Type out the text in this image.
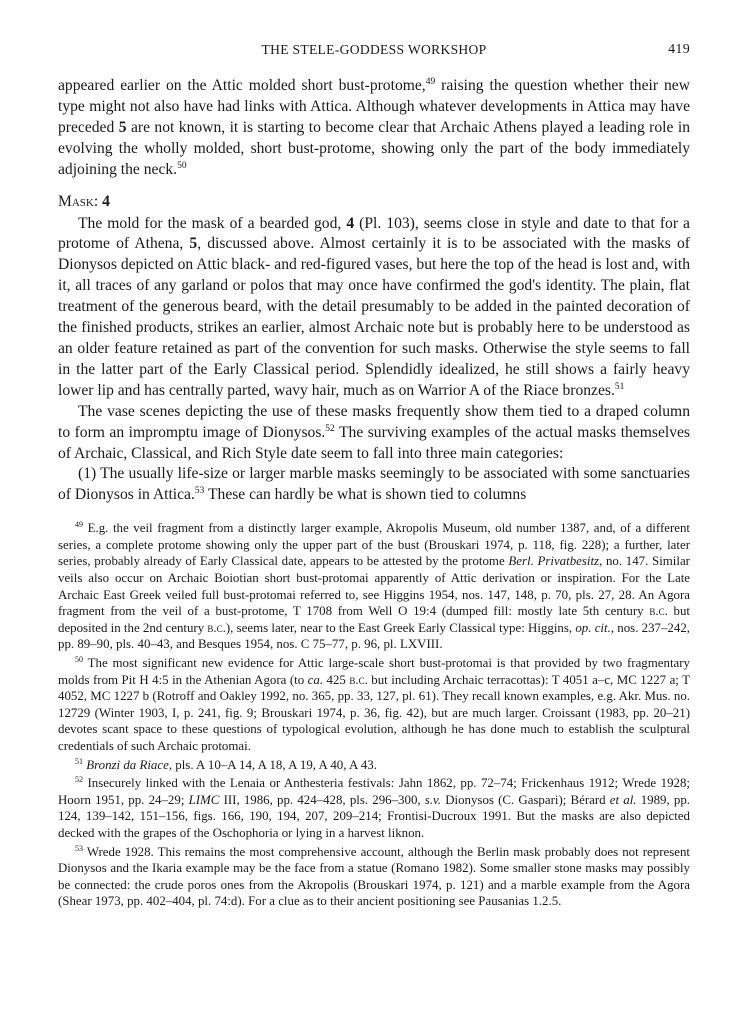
THE STELE-GODDESS WORKSHOP	419

appeared earlier on the Attic molded short bust-protome,$^{49}$ raising the question whether their new type might not also have had links with Attica. Although whatever developments in Attica may have preceded 5 are not known, it is starting to become clear that Archaic Athens played a leading role in evolving the wholly molded, short bust-protome, showing only the part of the body immediately adjoining the neck.$^{50}$

Mask: 4

The mold for the mask of a bearded god, 4 (Pl. 103), seems close in style and date to that for a protome of Athena, 5, discussed above. Almost certainly it is to be associated with the masks of Dionysos depicted on Attic black- and red-figured vases, but here the top of the head is lost and, with it, all traces of any garland or polos that may once have confirmed the god's identity. The plain, flat treatment of the generous beard, with the detail presumably to be added in the painted decoration of the finished products, strikes an earlier, almost Archaic note but is probably here to be understood as an older feature retained as part of the convention for such masks. Otherwise the style seems to fall in the latter part of the Early Classical period. Splendidly idealized, he still shows a fairly heavy lower lip and has centrally parted, wavy hair, much as on Warrior A of the Riace bronzes.$^{51}$

The vase scenes depicting the use of these masks frequently show them tied to a draped column to form an impromptu image of Dionysos.$^{52}$ The surviving examples of the actual masks themselves of Archaic, Classical, and Rich Style date seem to fall into three main categories:

(1) The usually life-size or larger marble masks seemingly to be associated with some sanctuaries of Dionysos in Attica.$^{53}$ These can hardly be what is shown tied to columns

$^{49}$ E.g. the veil fragment from a distinctly larger example, Akropolis Museum, old number 1387, and, of a different series, a complete protome showing only the upper part of the bust (Brouskari 1974, p. 118, fig. 228); a further, later series, probably already of Early Classical date, appears to be attested by the protome Berl. Privatbesitz, no. 147. Similar veils also occur on Archaic Boiotian short bust-protomai apparently of Attic derivation or inspiration. For the Late Archaic East Greek veiled full bust-protomai referred to, see Higgins 1954, nos. 147, 148, p. 70, pls. 27, 28. An Agora fragment from the veil of a bust-protome, T 1708 from Well O 19:4 (dumped fill: mostly late 5th century b.c. but deposited in the 2nd century b.c.), seems later, near to the East Greek Early Classical type: Higgins, op. cit., nos. 237–242, pp. 89–90, pls. 40–43, and Besques 1954, nos. C 75–77, p. 96, pl. LXVIII.

$^{50}$ The most significant new evidence for Attic large-scale short bust-protomai is that provided by two fragmentary molds from Pit H 4:5 in the Athenian Agora (to ca. 425 b.c. but including Archaic terracottas): T 4051 a–c, MC 1227 a; T 4052, MC 1227 b (Rotroff and Oakley 1992, no. 365, pp. 33, 127, pl. 61). They recall known examples, e.g. Akr. Mus. no. 12729 (Winter 1903, I, p. 241, fig. 9; Brouskari 1974, p. 36, fig. 42), but are much larger. Croissant (1983, pp. 20–21) devotes scant space to these questions of typological evolution, although he has done much to establish the sculptural credentials of such Archaic protomai.

$^{51}$ Bronzi da Riace, pls. A 10–A 14, A 18, A 19, A 40, A 43.

$^{52}$ Insecurely linked with the Lenaia or Anthesteria festivals: Jahn 1862, pp. 72–74; Frickenhaus 1912; Wrede 1928; Hoorn 1951, pp. 24–29; LIMC III, 1986, pp. 424–428, pls. 296–300, s.v. Dionysos (C. Gaspari); Bérard et al. 1989, pp. 124, 139–142, 151–156, figs. 166, 190, 194, 207, 209–214; Frontisi-Ducroux 1991. But the masks are also depicted decked with the grapes of the Oschophoria or lying in a harvest liknon.

$^{53}$ Wrede 1928. This remains the most comprehensive account, although the Berlin mask probably does not represent Dionysos and the Ikaria example may be the face from a statue (Romano 1982). Some smaller stone masks may possibly be connected: the crude poros ones from the Akropolis (Brouskari 1974, p. 121) and a marble example from the Agora (Shear 1973, pp. 402–404, pl. 74:d). For a clue as to their ancient positioning see Pausanias 1.2.5.
